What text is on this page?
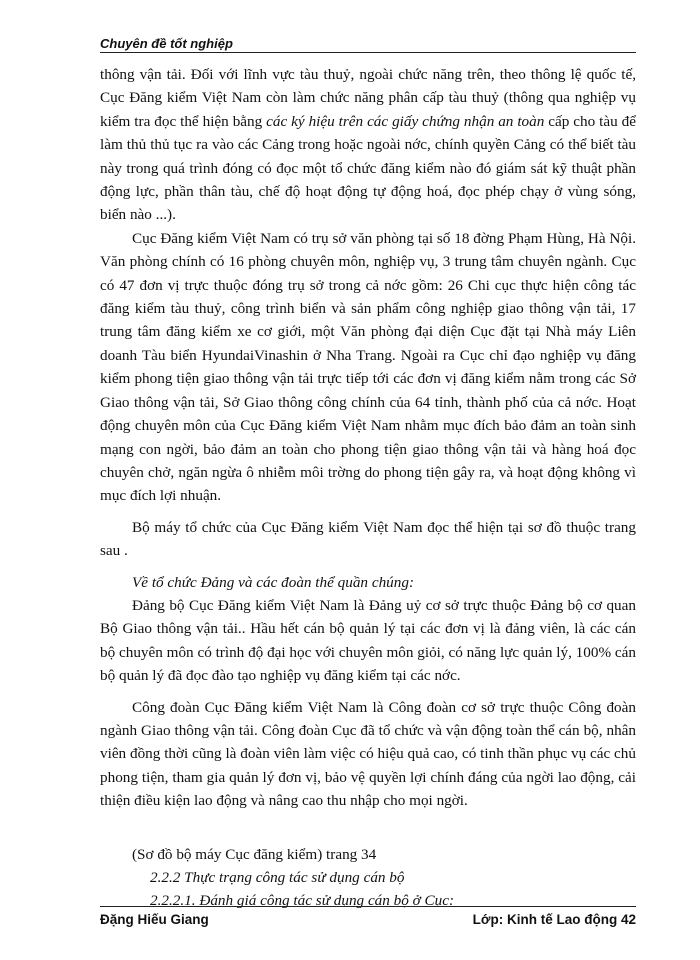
Chuyên đề tốt nghiệp

thông vận tải. Đối với lĩnh vực tàu thuỷ, ngoài chức năng trên, theo thông lệ quốc tế, Cục Đăng kiểm Việt Nam còn làm chức năng phân cấp tàu thuỷ (thông qua nghiệp vụ kiểm tra đọc thể hiện bằng các ký hiệu trên các giấy chứng nhận an toàn cấp cho tàu để làm thủ thủ tục ra vào các Cảng trong hoặc ngoài nớc, chính quyền Cảng có thể biết tàu này trong quá trình đóng có đọc một tổ chức đăng kiểm nào đó giám sát kỹ thuật phần động lực, phần thân tàu, chế độ hoạt động tự động hoá, đọc phép chạy ở vùng sóng, biển nào ...).

Cục Đăng kiểm Việt Nam có trụ sở văn phòng tại số 18 đờng Phạm Hùng, Hà Nội. Văn phòng chính có 16 phòng chuyên môn, nghiệp vụ, 3 trung tâm chuyên ngành. Cục có 47 đơn vị trực thuộc đóng trụ sở trong cả nớc gồm: 26 Chi cục thực hiện công tác đăng kiểm tàu thuỷ, công trình biển và sản phẩm công nghiệp giao thông vận tải, 17 trung tâm đăng kiểm xe cơ giới, một Văn phòng đại diện Cục đặt tại Nhà máy Liên doanh Tàu biển HyundaiVinashin ở Nha Trang. Ngoài ra Cục chỉ đạo nghiệp vụ đăng kiểm phong tiện giao thông vận tải trực tiếp tới các đơn vị đăng kiểm nằm trong các Sở Giao thông vận tải, Sở Giao thông công chính của 64 tỉnh, thành phố của cả nớc. Hoạt động chuyên môn của Cục Đăng kiểm Việt Nam nhằm mục đích bảo đảm an toàn sinh mạng con ngời, bảo đảm an toàn cho phong tiện giao thông vận tải và hàng hoá đọc chuyên chở, ngăn ngừa ô nhiễm môi trờng do phong tiện gây ra, và hoạt động không vì mục đích lợi nhuận.

Bộ máy tổ chức của Cục Đăng kiểm Việt Nam đọc thể hiện tại sơ đồ thuộc trang sau .

Về tổ chức Đảng và các đoàn thể quần chúng:

Đảng bộ Cục Đăng kiểm Việt Nam là Đảng uỷ cơ sở trực thuộc Đảng bộ cơ quan Bộ Giao thông vận tải.. Hầu hết cán bộ quản lý tại các đơn vị là đảng viên, là các cán bộ chuyên môn có trình độ đại học với chuyên môn giỏi, có năng lực quản lý, 100% cán bộ quản lý đã đọc đào tạo nghiệp vụ đăng kiểm tại các nớc.

Công đoàn Cục Đăng kiểm Việt Nam là Công đoàn cơ sở trực thuộc Công đoàn ngành Giao thông vận tải. Công đoàn Cục đã tổ chức và vận động toàn thể cán bộ, nhân viên đồng thời cũng là đoàn viên làm việc có hiệu quả cao, có tinh thần phục vụ các chủ phong tiện, tham gia quản lý đơn vị, bảo vệ quyền lợi chính đáng của ngời lao động, cải thiện điều kiện lao động và nâng cao thu nhập cho mọi ngời.

(Sơ đồ bộ máy Cục đăng kiểm) trang 34

2.2.2 Thực trạng công tác sử dụng cán bộ

2.2.2.1. Đánh giá công tác sử dụng cán bộ ở Cục:

Đặng Hiếu Giang	Lớp: Kinh tế Lao động 42
